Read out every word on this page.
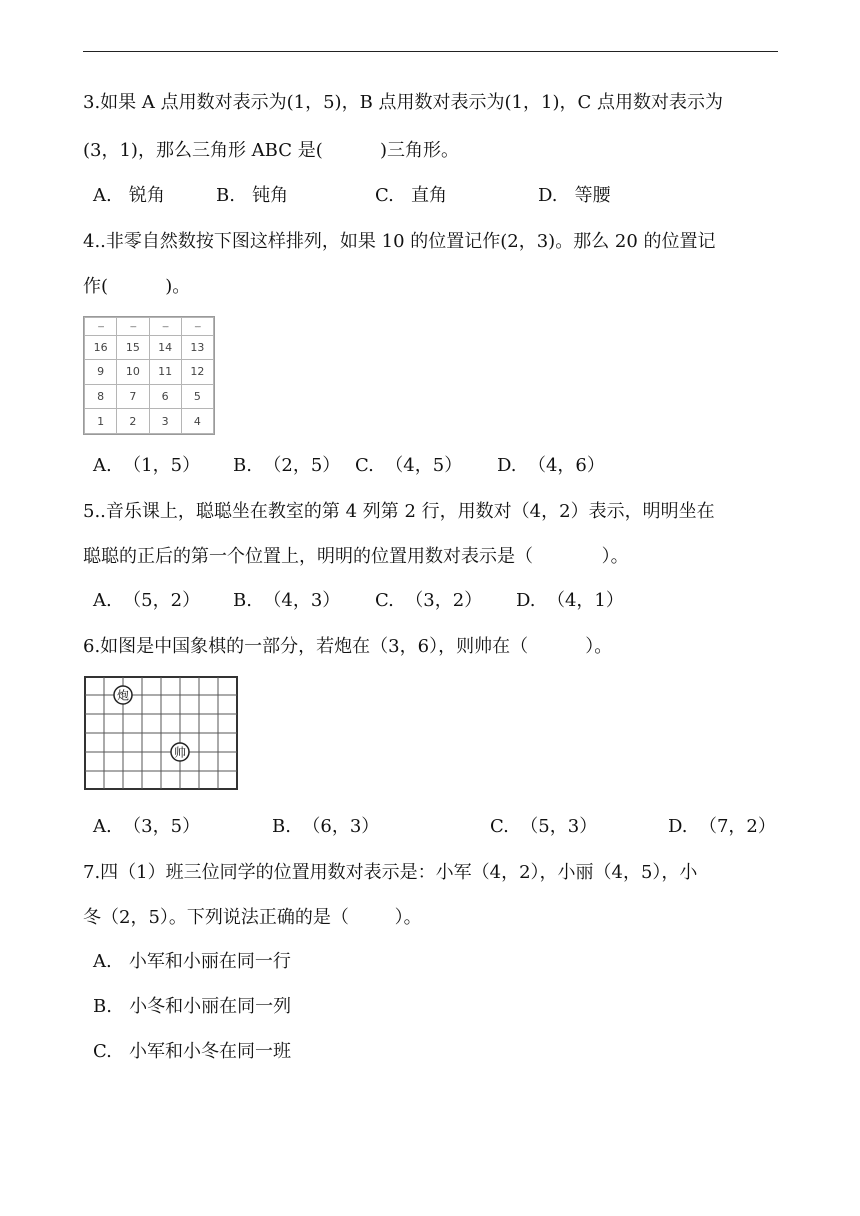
3.如果 A 点用数对表示为(1，5)，B 点用数对表示为(1，1)，C 点用数对表示为
(3，1)，那么三角形 ABC 是(          )三角形。
A.   锐角	B.   钝角	C.   直角	D.   等腰
4..非零自然数按下图这样排列，如果 10 的位置记作(2，3)。那么 20 的位置记
作(          )。
---	---	---	---
16	15	14	13
9	10	11	12
8	7	6	5
1	2	3	4
A.  （1，5） B.  （2，5） C.  （4，5） D.  （4，6）
5..音乐课上，聪聪坐在教室的第 4 列第 2 行，用数对（4，2）表示，明明坐在
聪聪的正后的第一个位置上，明明的位置用数对表示是（            ）。
A.  （5，2） B.  （4，3） C.  （3，2） D.  （4，1）
6.如图是中国象棋的一部分，若炮在（3，6），则帅在（          ）。
炮
帅
A.  （3，5）	B.  （6，3）	C.  （5，3）	D.  （7，2）
7.四（1）班三位同学的位置用数对表示是：小军（4，2），小丽（4，5），小
冬（2，5）。下列说法正确的是（        ）。
A.   小军和小丽在同一行
B.   小冬和小丽在同一列
C.   小军和小冬在同一班
